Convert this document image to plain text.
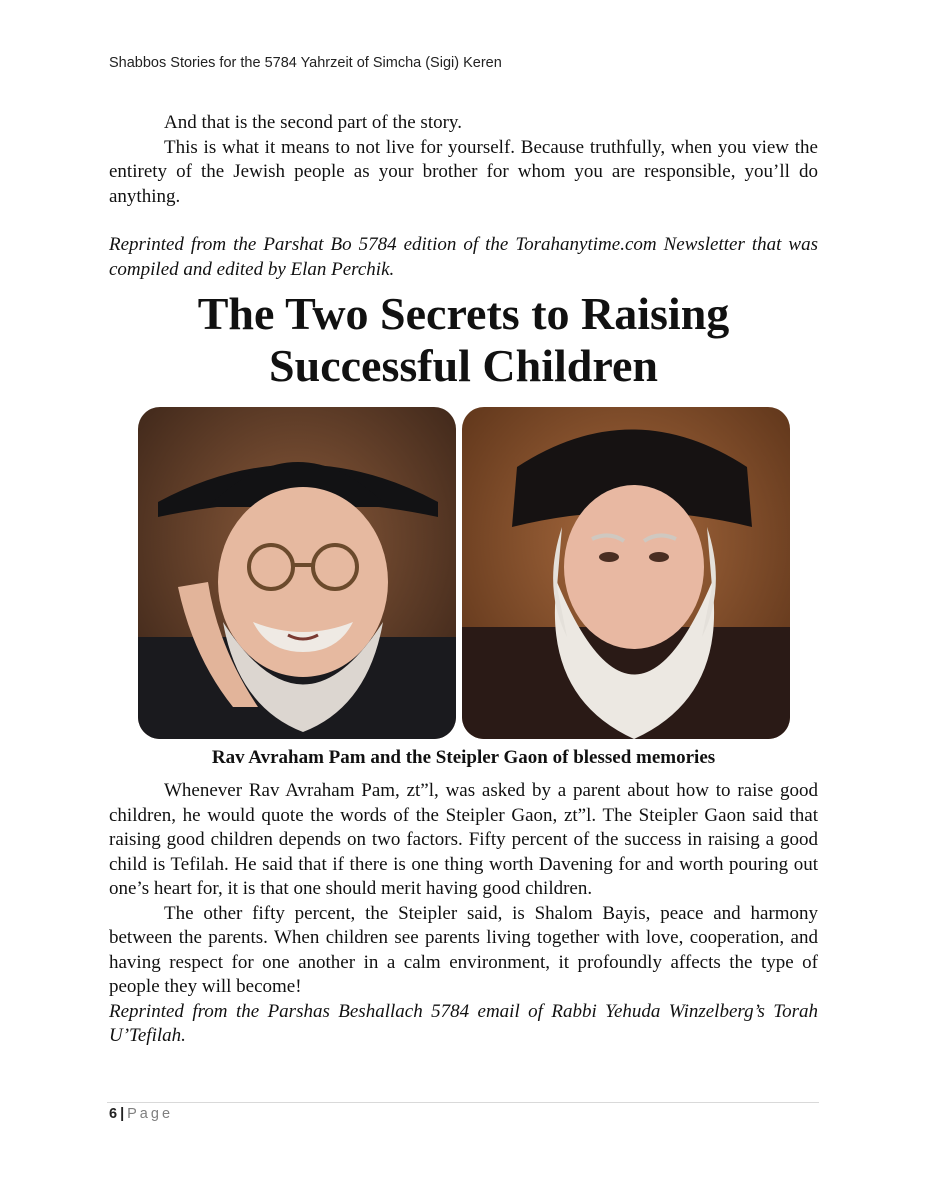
Shabbos Stories for the 5784 Yahrzeit of Simcha (Sigi) Keren

And that is the second part of the story.

This is what it means to not live for yourself. Because truthfully, when you view the entirety of the Jewish people as your brother for whom you are responsible, you’ll do anything.

Reprinted from the Parshat Bo 5784 edition of the Torahanytime.com Newsletter that was compiled and edited by Elan Perchik.

The Two Secrets to Raising
Successful Children
Rav Avraham Pam and the Steipler Gaon of blessed memories

Whenever Rav Avraham Pam, zt”l, was asked by a parent about how to raise good children, he would quote the words of the Steipler Gaon, zt”l. The Steipler Gaon said that raising good children depends on two factors. Fifty percent of the success in raising a good child is Tefilah. He said that if there is one thing worth Davening for and worth pouring out one’s heart for, it is that one should merit having good children.

The other fifty percent, the Steipler said, is Shalom Bayis, peace and harmony between the parents. When children see parents living together with love, cooperation, and having respect for one another in a calm environment, it profoundly affects the type of people they will become!

Reprinted from the Parshas Beshallach 5784 email of Rabbi Yehuda Winzelberg’s Torah U’Tefilah.

6 | Page
